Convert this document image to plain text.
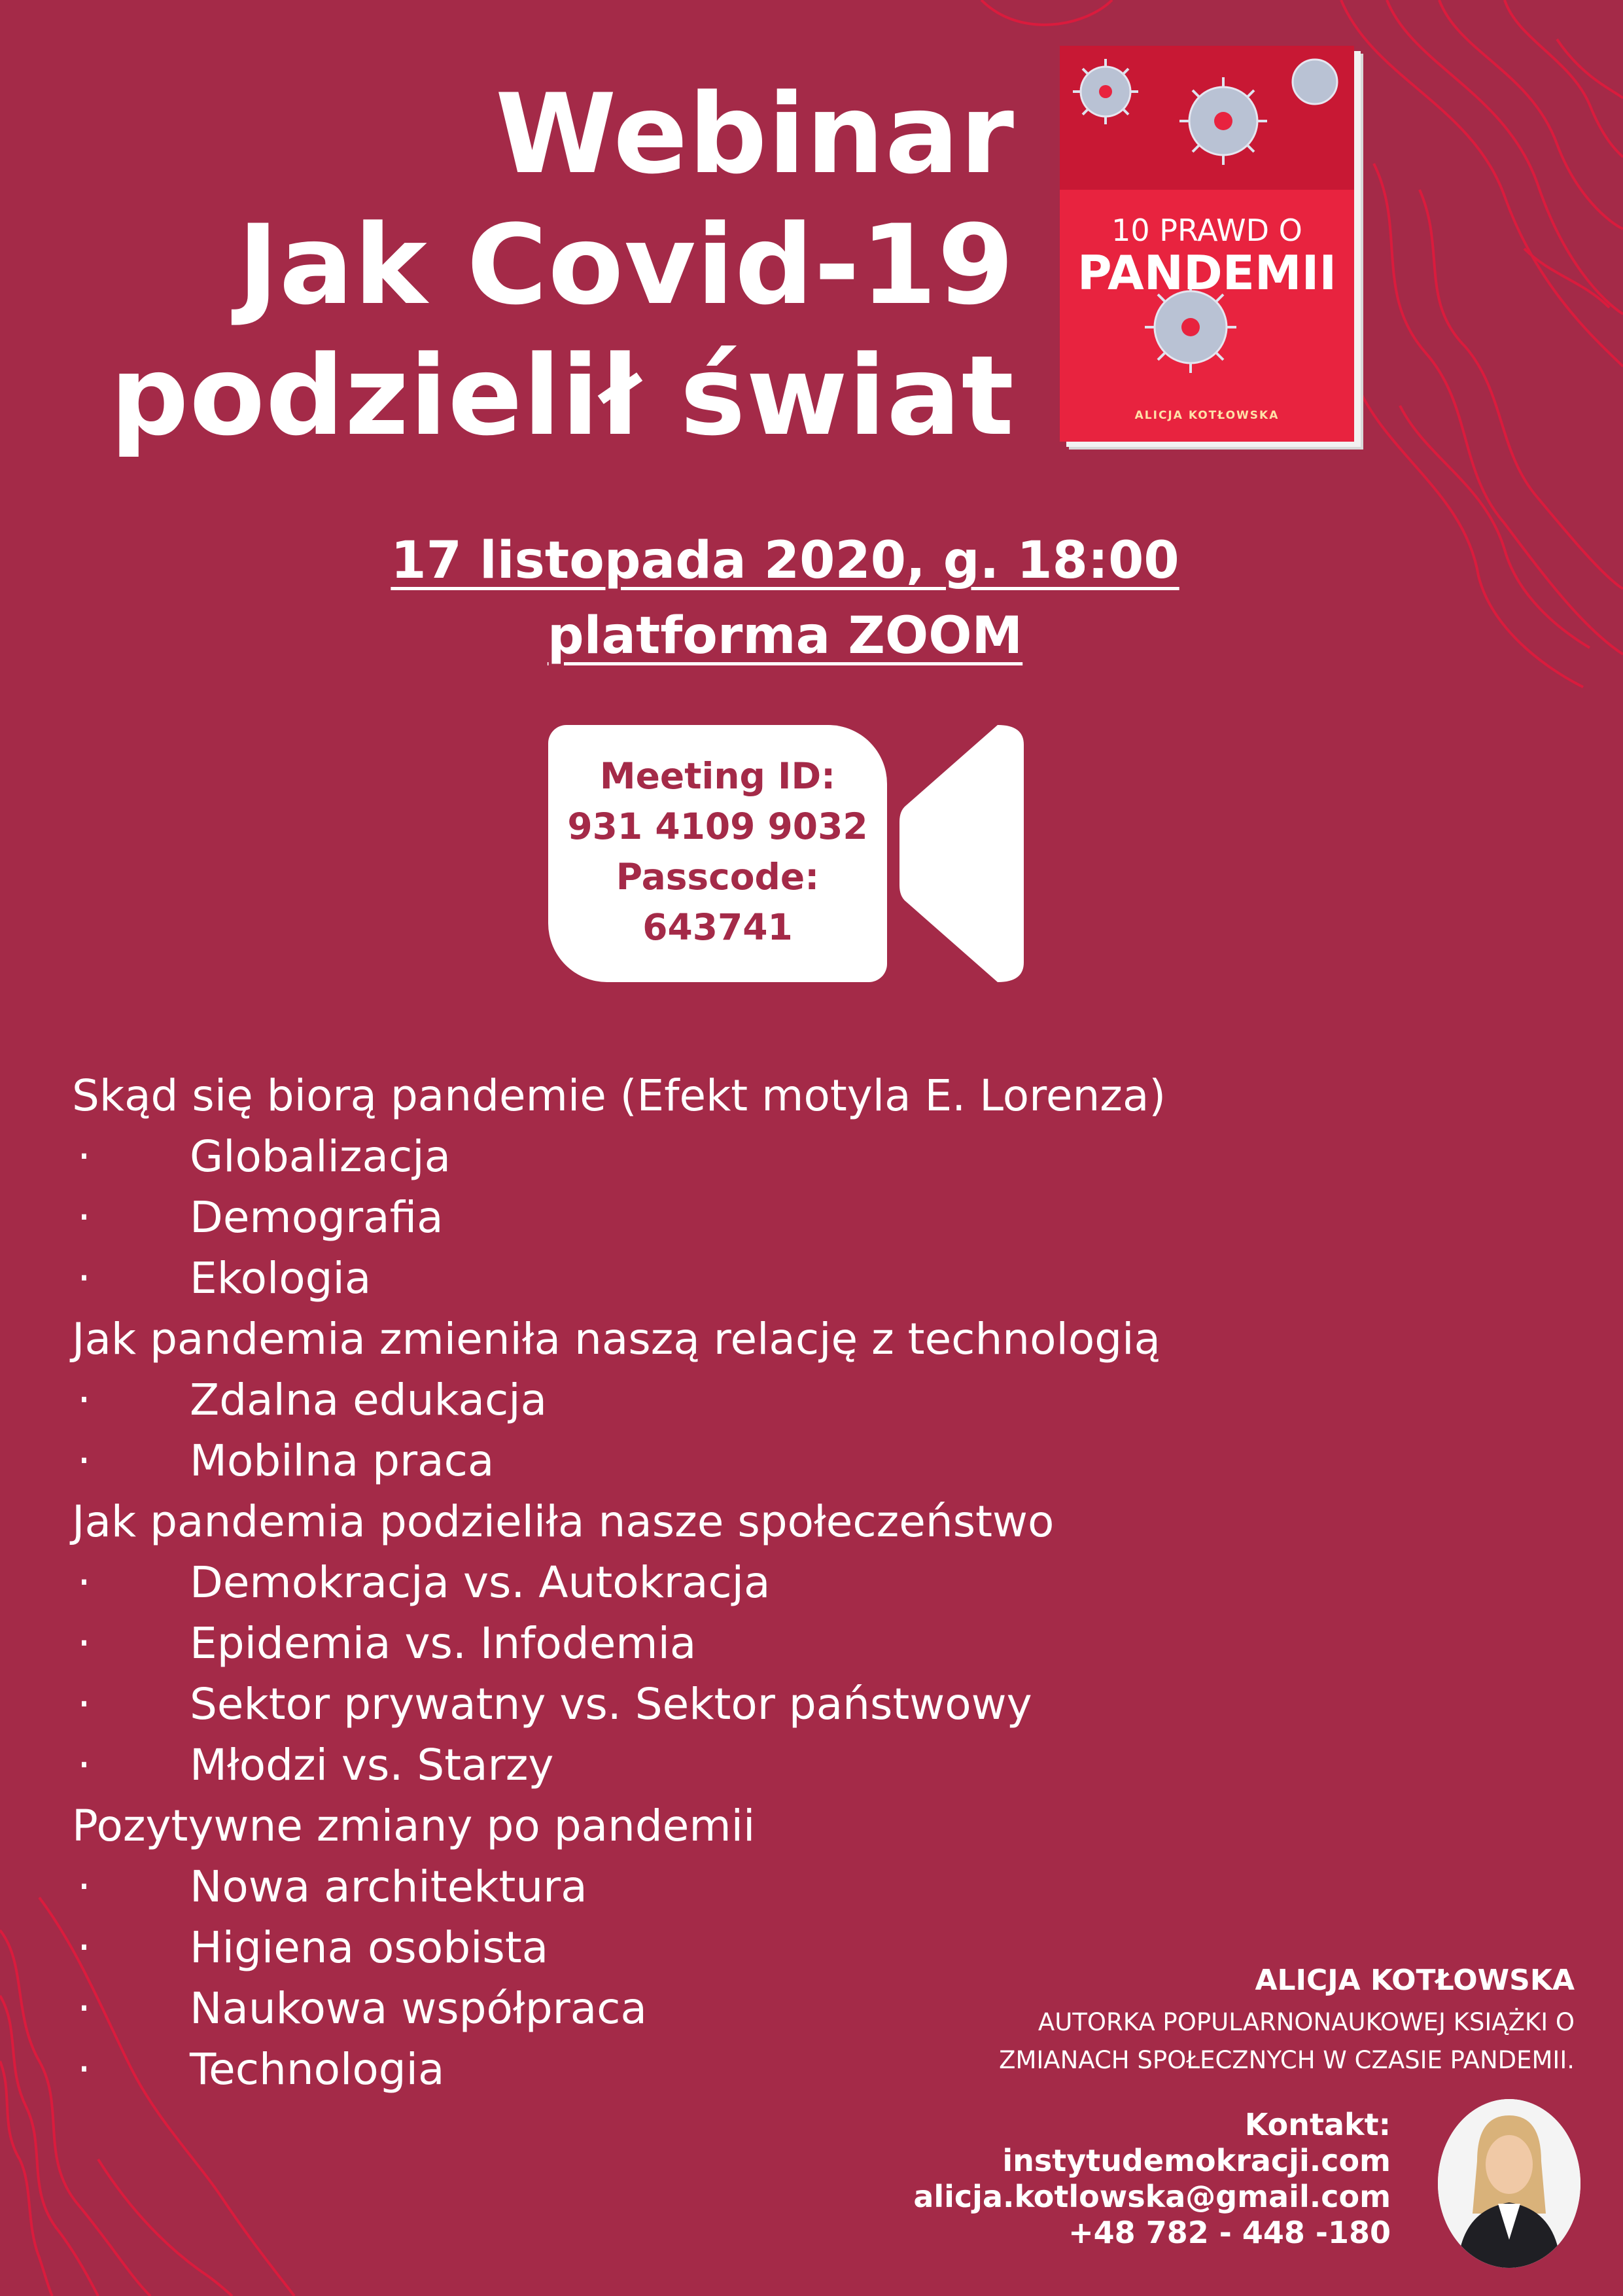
Webinar
Jak Covid-19
podzielił świat
10 PRAWD O
PANDEMII
ALICJA KOTŁOWSKA
17 listopada 2020, g. 18:00
platforma ZOOM
Meeting ID:
931 4109 9032
Passcode:
643741
Skąd się biorą pandemie (Efekt motyla E. Lorenza)
· Globalizacja
· Demografia
· Ekologia
Jak pandemia zmieniła naszą relację z technologią
· Zdalna edukacja
· Mobilna praca
Jak pandemia podzieliła nasze społeczeństwo
· Demokracja vs. Autokracja
· Epidemia vs. Infodemia
· Sektor prywatny vs. Sektor państwowy
· Młodzi vs. Starzy
Pozytywne zmiany po pandemii
· Nowa architektura
· Higiena osobista
· Naukowa współpraca
· Technologia
ALICJA KOTŁOWSKA
AUTORKA POPULARNONAUKOWEJ KSIĄŻKI O
ZMIANACH SPOŁECZNYCH W CZASIE PANDEMII.
Kontakt:
instytudemokracji.com
alicja.kotlowska@gmail.com
+48 782 - 448 -180
